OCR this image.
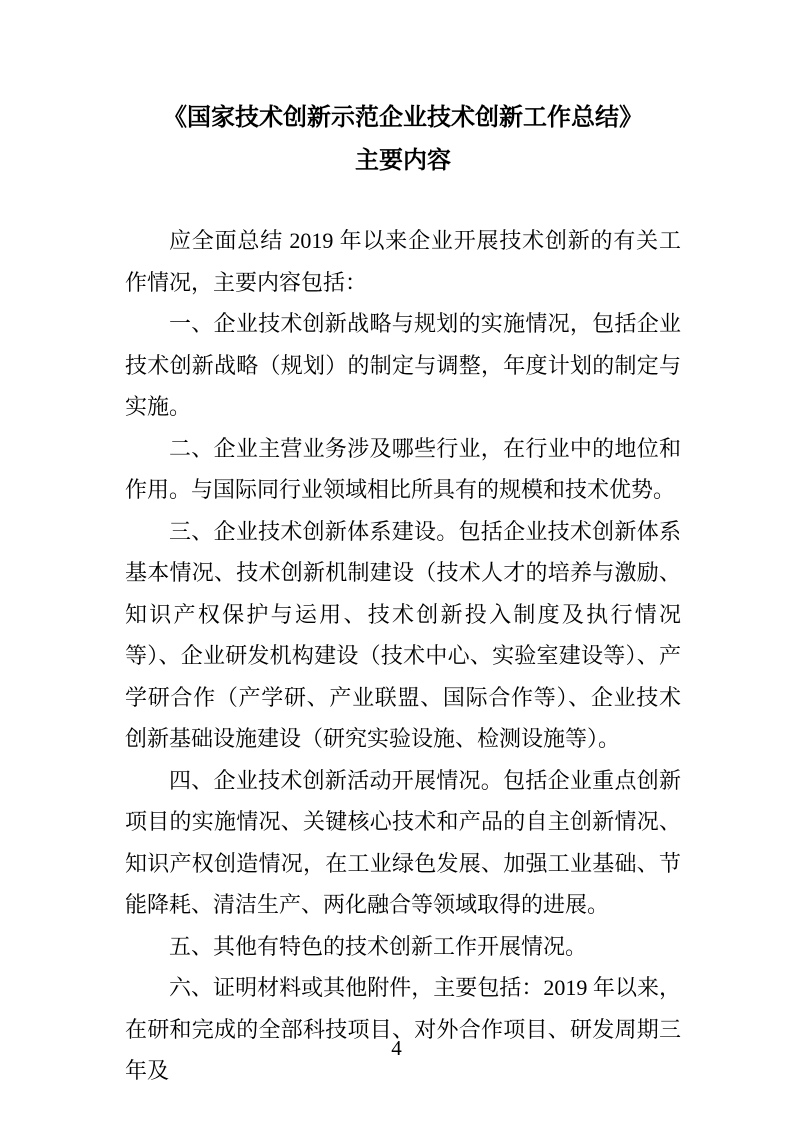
《国家技术创新示范企业技术创新工作总结》
主要内容

应全面总结 2019 年以来企业开展技术创新的有关工作情况，主要内容包括：

一、企业技术创新战略与规划的实施情况，包括企业技术创新战略（规划）的制定与调整，年度计划的制定与实施。

二、企业主营业务涉及哪些行业，在行业中的地位和作用。与国际同行业领域相比所具有的规模和技术优势。

三、企业技术创新体系建设。包括企业技术创新体系基本情况、技术创新机制建设（技术人才的培养与激励、知识产权保护与运用、技术创新投入制度及执行情况等）、企业研发机构建设（技术中心、实验室建设等）、产学研合作（产学研、产业联盟、国际合作等）、企业技术创新基础设施建设（研究实验设施、检测设施等）。

四、企业技术创新活动开展情况。包括企业重点创新项目的实施情况、关键核心技术和产品的自主创新情况、知识产权创造情况，在工业绿色发展、加强工业基础、节能降耗、清洁生产、两化融合等领域取得的进展。

五、其他有特色的技术创新工作开展情况。

六、证明材料或其他附件，主要包括：2019 年以来，在研和完成的全部科技项目、对外合作项目、研发周期三年及

4
